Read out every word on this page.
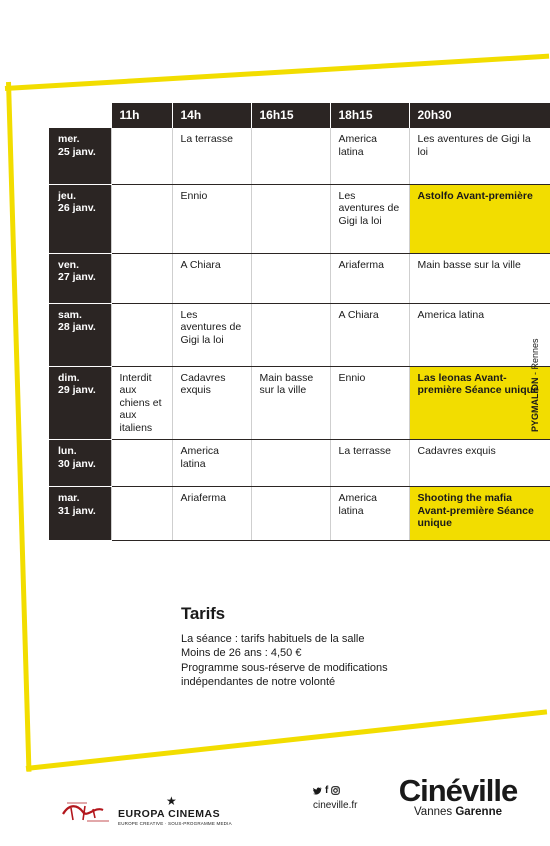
	11h	14h	16h15	18h15	20h30

mer.
25 janv.		La terrasse		America latina	Les aventures de Gigi la loi

jeu.
26 janv.		Ennio		Les aventures de Gigi la loi	Astolfo Avant-première

ven.
27 janv.		A Chiara		Ariaferma	Main basse sur la ville

sam.
28 janv.		Les aventures de Gigi la loi		A Chiara	America latina

dim.
29 janv.	Interdit aux chiens et aux italiens	Cadavres exquis	Main basse sur la ville	Ennio	Las leonas Avant-première Séance unique

lun.
30 janv.		America latina		La terrasse	Cadavres exquis

mar.
31 janv.		Ariaferma		America latina	Shooting the mafia Avant-première Séance unique
Tarifs

La séance : tarifs habituels de la salle

Moins de 26 ans : 4,50 €

Programme sous-réserve de modifications

indépendantes de notre volonté

PYGMALION - Rennes
★
EUROPA CINEMAS
EUROPE CREATIVE · SOUS-PROGRAMME MEDIA
f
cineville.fr	Cinéville
Vannes Garenne
